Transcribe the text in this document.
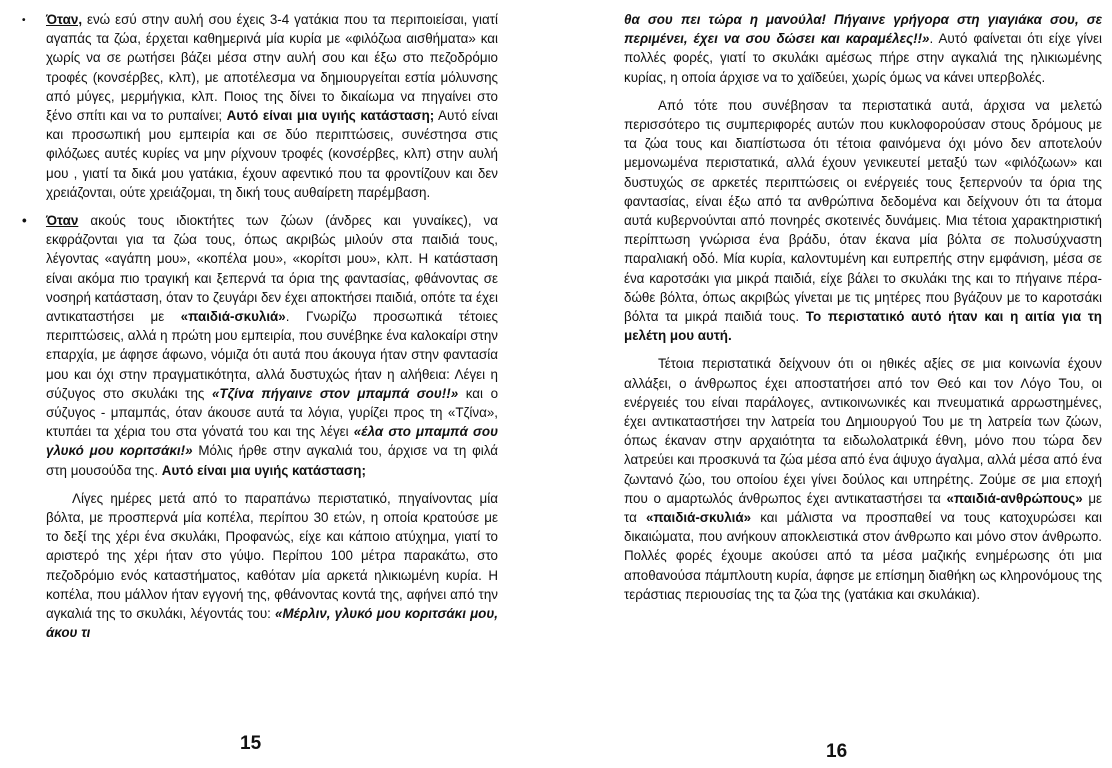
• Όταν, ενώ εσύ στην αυλή σου έχεις 3-4 γατάκια που τα περιποιείσαι, γιατί αγαπάς τα ζώα, έρχεται καθημερινά μία κυρία με «φιλόζωα αισθήματα» και χωρίς να σε ρωτήσει βάζει μέσα στην αυλή σου και έξω στο πεζοδρόμιο τροφές (κονσέρβες, κλπ), με αποτέλεσμα να δημιουργείται εστία μόλυνσης από μύγες, μερμήγκια, κλπ. Ποιος της δίνει το δικαίωμα να πηγαίνει στο ξένο σπίτι και να το ρυπαίνει; Αυτό είναι μια υγιής κατάσταση; Αυτό είναι και προσωπική μου εμπειρία και σε δύο περιπτώσεις, συνέστησα στις φιλόζωες αυτές κυρίες να μην ρίχνουν τροφές (κονσέρβες, κλπ) στην αυλή μου , γιατί τα δικά μου γατάκια, έχουν αφεντικό που τα φροντίζουν και δεν χρειάζονται, ούτε χρειάζομαι, τη δική τους αυθαίρετη παρέμβαση.

• Όταν ακούς τους ιδιοκτήτες των ζώων (άνδρες και γυναίκες), να εκφράζονται για τα ζώα τους, όπως ακριβώς μιλούν στα παιδιά τους, λέγοντας «αγάπη μου», «κοπέλα μου», «κορίτσι μου», κλπ. Η κατάσταση είναι ακόμα πιο τραγική και ξεπερνά τα όρια της φαντασίας, φθάνοντας σε νοσηρή κατάσταση, όταν το ζευγάρι δεν έχει αποκτήσει παιδιά, οπότε τα έχει αντικαταστήσει με «παιδιά-σκυλιά». Γνωρίζω προσωπικά τέτοιες περιπτώσεις, αλλά η πρώτη μου εμπειρία, που συνέβηκε ένα καλοκαίρι στην επαρχία, με άφησε άφωνο, νόμιζα ότι αυτά που άκουγα ήταν στην φαντασία μου και όχι στην πραγματικότητα, αλλά δυστυχώς ήταν η αλήθεια: Λέγει η σύζυγος στο σκυλάκι της «Τζίνα πήγαινε στον μπαμπά σου!!» και ο σύζυγος - μπαμπάς, όταν άκουσε αυτά τα λόγια, γυρίζει προς τη «Τζίνα», κτυπάει τα χέρια του στα γόνατά του και της λέγει «έλα στο μπαμπά σου γλυκό μου κοριτσάκι!» Μόλις ήρθε στην αγκαλιά του, άρχισε να τη φιλά στη μουσούδα της. Αυτό είναι μια υγιής κατάσταση;

Λίγες ημέρες μετά από το παραπάνω περιστατικό, πηγαίνοντας μία βόλτα, με προσπερνά μία κοπέλα, περίπου 30 ετών, η οποία κρατούσε με το δεξί της χέρι ένα σκυλάκι, Προφανώς, είχε και κάποιο ατύχημα, γιατί το αριστερό της χέρι ήταν στο γύψο. Περίπου 100 μέτρα παρακάτω, στο πεζοδρόμιο ενός καταστήματος, καθόταν μία αρκετά ηλικιωμένη κυρία. Η κοπέλα, που μάλλον ήταν εγγονή της, φθάνοντας κοντά της, αφήνει από την αγκαλιά της το σκυλάκι, λέγοντάς του: «Μέρλιν, γλυκό μου κοριτσάκι μου, άκου τι

15

θα σου πει τώρα η μανούλα! Πήγαινε γρήγορα στη γιαγιάκα σου, σε περιμένει, έχει να σου δώσει και καραμέλες!!». Αυτό φαίνεται ότι είχε γίνει πολλές φορές, γιατί το σκυλάκι αμέσως πήρε στην αγκαλιά της ηλικιωμένης κυρίας, η οποία άρχισε να το χαϊδεύει, χωρίς όμως να κάνει υπερβολές.

Από τότε που συνέβησαν τα περιστατικά αυτά, άρχισα να μελετώ περισσότερο τις συμπεριφορές αυτών που κυκλοφορούσαν στους δρόμους με τα ζώα τους και διαπίστωσα ότι τέτοια φαινόμενα όχι μόνο δεν αποτελούν μεμονωμένα περιστατικά, αλλά έχουν γενικευτεί μεταξύ των «φιλόζωων» και δυστυχώς σε αρκετές περιπτώσεις οι ενέργειές τους ξεπερνούν τα όρια της φαντασίας, είναι έξω από τα ανθρώπινα δεδομένα και δείχνουν ότι τα άτομα αυτά κυβερνούνται από πονηρές σκοτεινές δυνάμεις. Μια τέτοια χαρακτηριστική περίπτωση γνώρισα ένα βράδυ, όταν έκανα μία βόλτα σε πολυσύχναστη παραλιακή οδό. Μία κυρία, καλοντυμένη και ευπρεπής στην εμφάνιση, μέσα σε ένα καροτσάκι για μικρά παιδιά, είχε βάλει το σκυλάκι της και το πήγαινε πέρα-δώθε βόλτα, όπως ακριβώς γίνεται με τις μητέρες που βγάζουν με το καροτσάκι βόλτα τα μικρά παιδιά τους. Το περιστατικό αυτό ήταν και η αιτία για τη μελέτη μου αυτή.

Τέτοια περιστατικά δείχνουν ότι οι ηθικές αξίες σε μια κοινωνία έχουν αλλάξει, ο άνθρωπος έχει αποστατήσει από τον Θεό και τον Λόγο Του, οι ενέργειές του είναι παράλογες, αντικοινωνικές και πνευματικά αρρωστημένες, έχει αντικαταστήσει την λατρεία του Δημιουργού Του με τη λατρεία των ζώων, όπως έκαναν στην αρχαιότητα τα ειδωλολατρικά έθνη, μόνο που τώρα δεν λατρεύει και προσκυνά τα ζώα μέσα από ένα άψυχο άγαλμα, αλλά μέσα από ένα ζωντανό ζώο, του οποίου έχει γίνει δούλος και υπηρέτης. Ζούμε σε μια εποχή που ο αμαρτωλός άνθρωπος έχει αντικαταστήσει τα «παιδιά-ανθρώπους» με τα «παιδιά-σκυλιά» και μάλιστα να προσπαθεί να τους κατοχυρώσει και δικαιώματα, που ανήκουν αποκλειστικά στον άνθρωπο και μόνο στον άνθρωπο. Πολλές φορές έχουμε ακούσει από τα μέσα μαζικής ενημέρωσης ότι μια αποθανούσα πάμπλουτη κυρία, άφησε με επίσημη διαθήκη ως κληρονόμους της τεράστιας περιουσίας της τα ζώα της (γατάκια και σκυλάκια).

16
